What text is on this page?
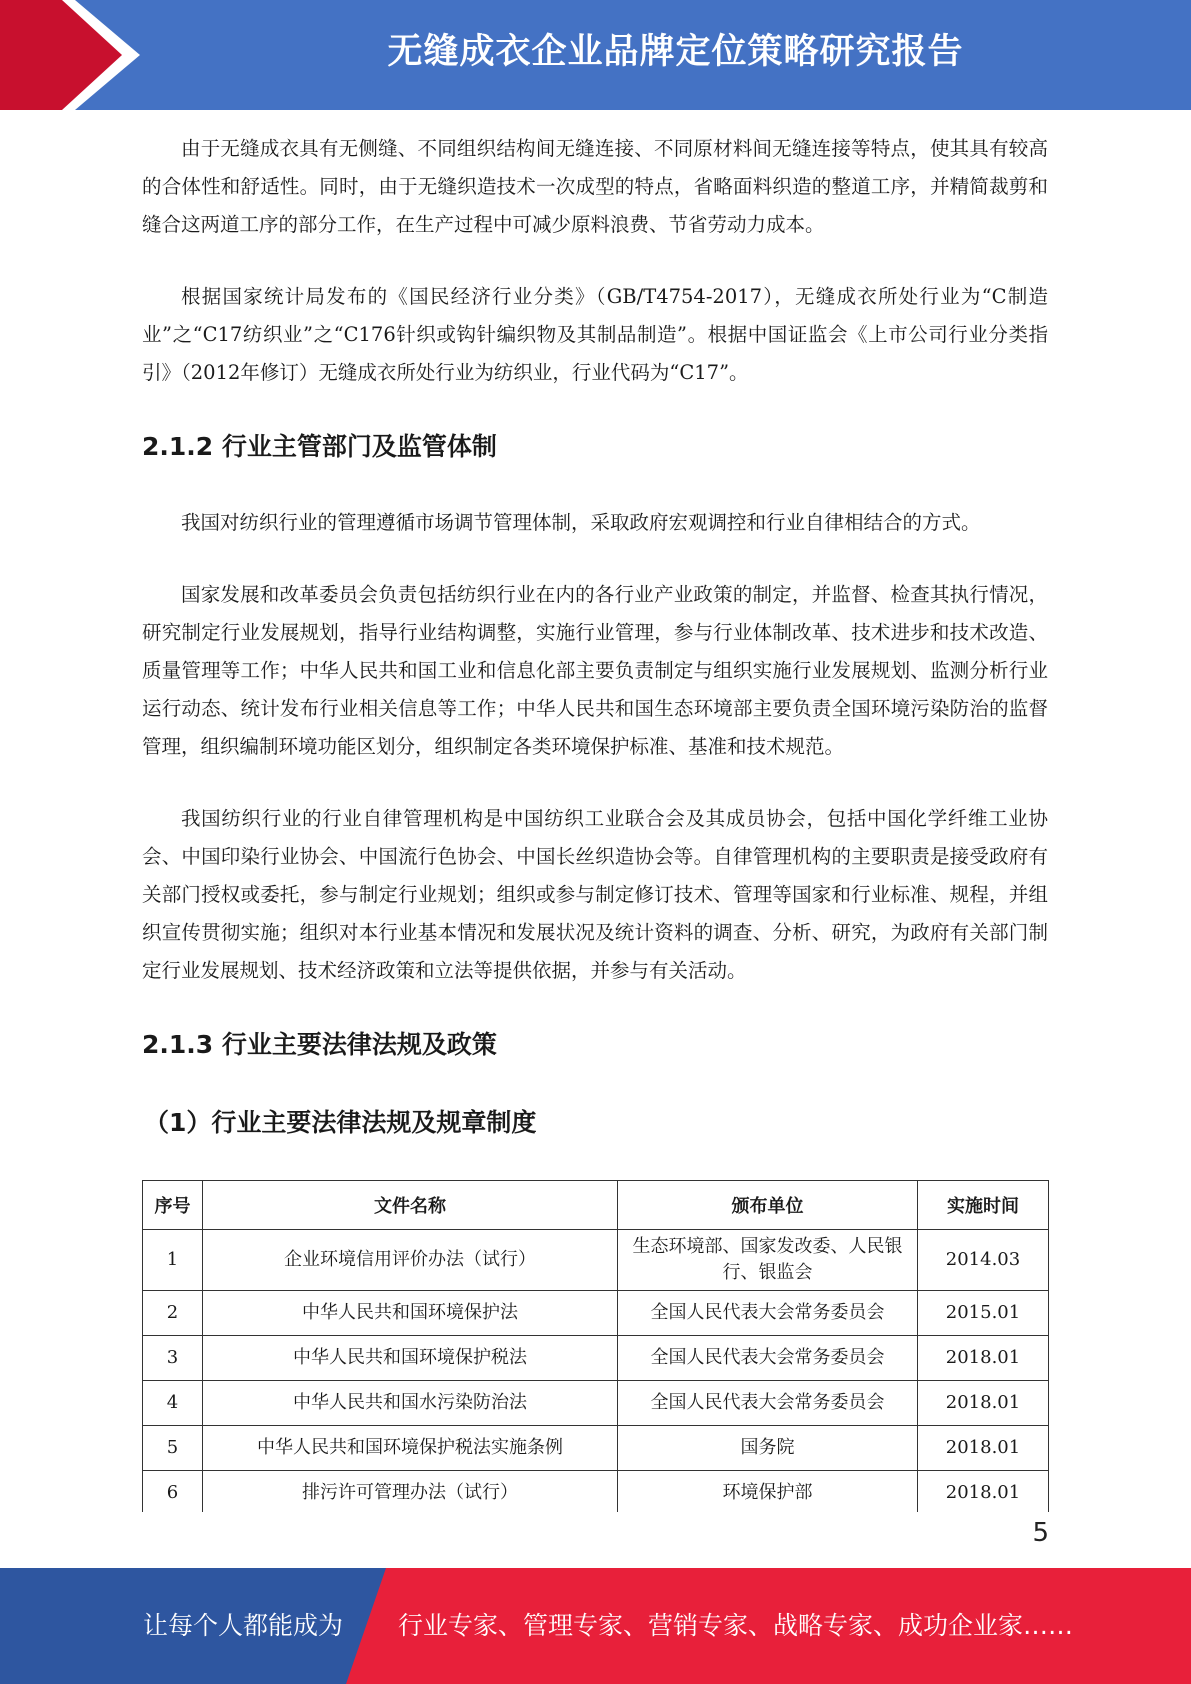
无缝成衣企业品牌定位策略研究报告

由于无缝成衣具有无侧缝、不同组织结构间无缝连接、不同原材料间无缝连接等特点，使其具有较高的合体性和舒适性。同时，由于无缝织造技术一次成型的特点，省略面料织造的整道工序，并精简裁剪和缝合这两道工序的部分工作，在生产过程中可减少原料浪费、节省劳动力成本。

根据国家统计局发布的《国民经济行业分类》（GB/T4754-2017），无缝成衣所处行业为“C制造业”之“C17纺织业”之“C176针织或钩针编织物及其制品制造”。根据中国证监会《上市公司行业分类指引》（2012年修订）无缝成衣所处行业为纺织业，行业代码为“C17”。

2.1.2 行业主管部门及监管体制

我国对纺织行业的管理遵循市场调节管理体制，采取政府宏观调控和行业自律相结合的方式。

国家发展和改革委员会负责包括纺织行业在内的各行业产业政策的制定，并监督、检查其执行情况，研究制定行业发展规划，指导行业结构调整，实施行业管理，参与行业体制改革、技术进步和技术改造、质量管理等工作；中华人民共和国工业和信息化部主要负责制定与组织实施行业发展规划、监测分析行业运行动态、统计发布行业相关信息等工作；中华人民共和国生态环境部主要负责全国环境污染防治的监督管理，组织编制环境功能区划分，组织制定各类环境保护标准、基准和技术规范。

我国纺织行业的行业自律管理机构是中国纺织工业联合会及其成员协会，包括中国化学纤维工业协会、中国印染行业协会、中国流行色协会、中国长丝织造协会等。自律管理机构的主要职责是接受政府有关部门授权或委托，参与制定行业规划；组织或参与制定修订技术、管理等国家和行业标准、规程，并组织宣传贯彻实施；组织对本行业基本情况和发展状况及统计资料的调查、分析、研究，为政府有关部门制定行业发展规划、技术经济政策和立法等提供依据，并参与有关活动。

2.1.3 行业主要法律法规及政策
（1）行业主要法律法规及规章制度
序号	文件名称	颁布单位	实施时间
1	企业环境信用评价办法（试行）	生态环境部、国家发改委、人民银行、银监会	2014.03
2	中华人民共和国环境保护法	全国人民代表大会常务委员会	2015.01
3	中华人民共和国环境保护税法	全国人民代表大会常务委员会	2018.01
4	中华人民共和国水污染防治法	全国人民代表大会常务委员会	2018.01
5	中华人民共和国环境保护税法实施条例	国务院	2018.01
6	排污许可管理办法（试行）	环境保护部	2018.01
5
让每个人都能成为 行业专家、管理专家、营销专家、战略专家、成功企业家……
